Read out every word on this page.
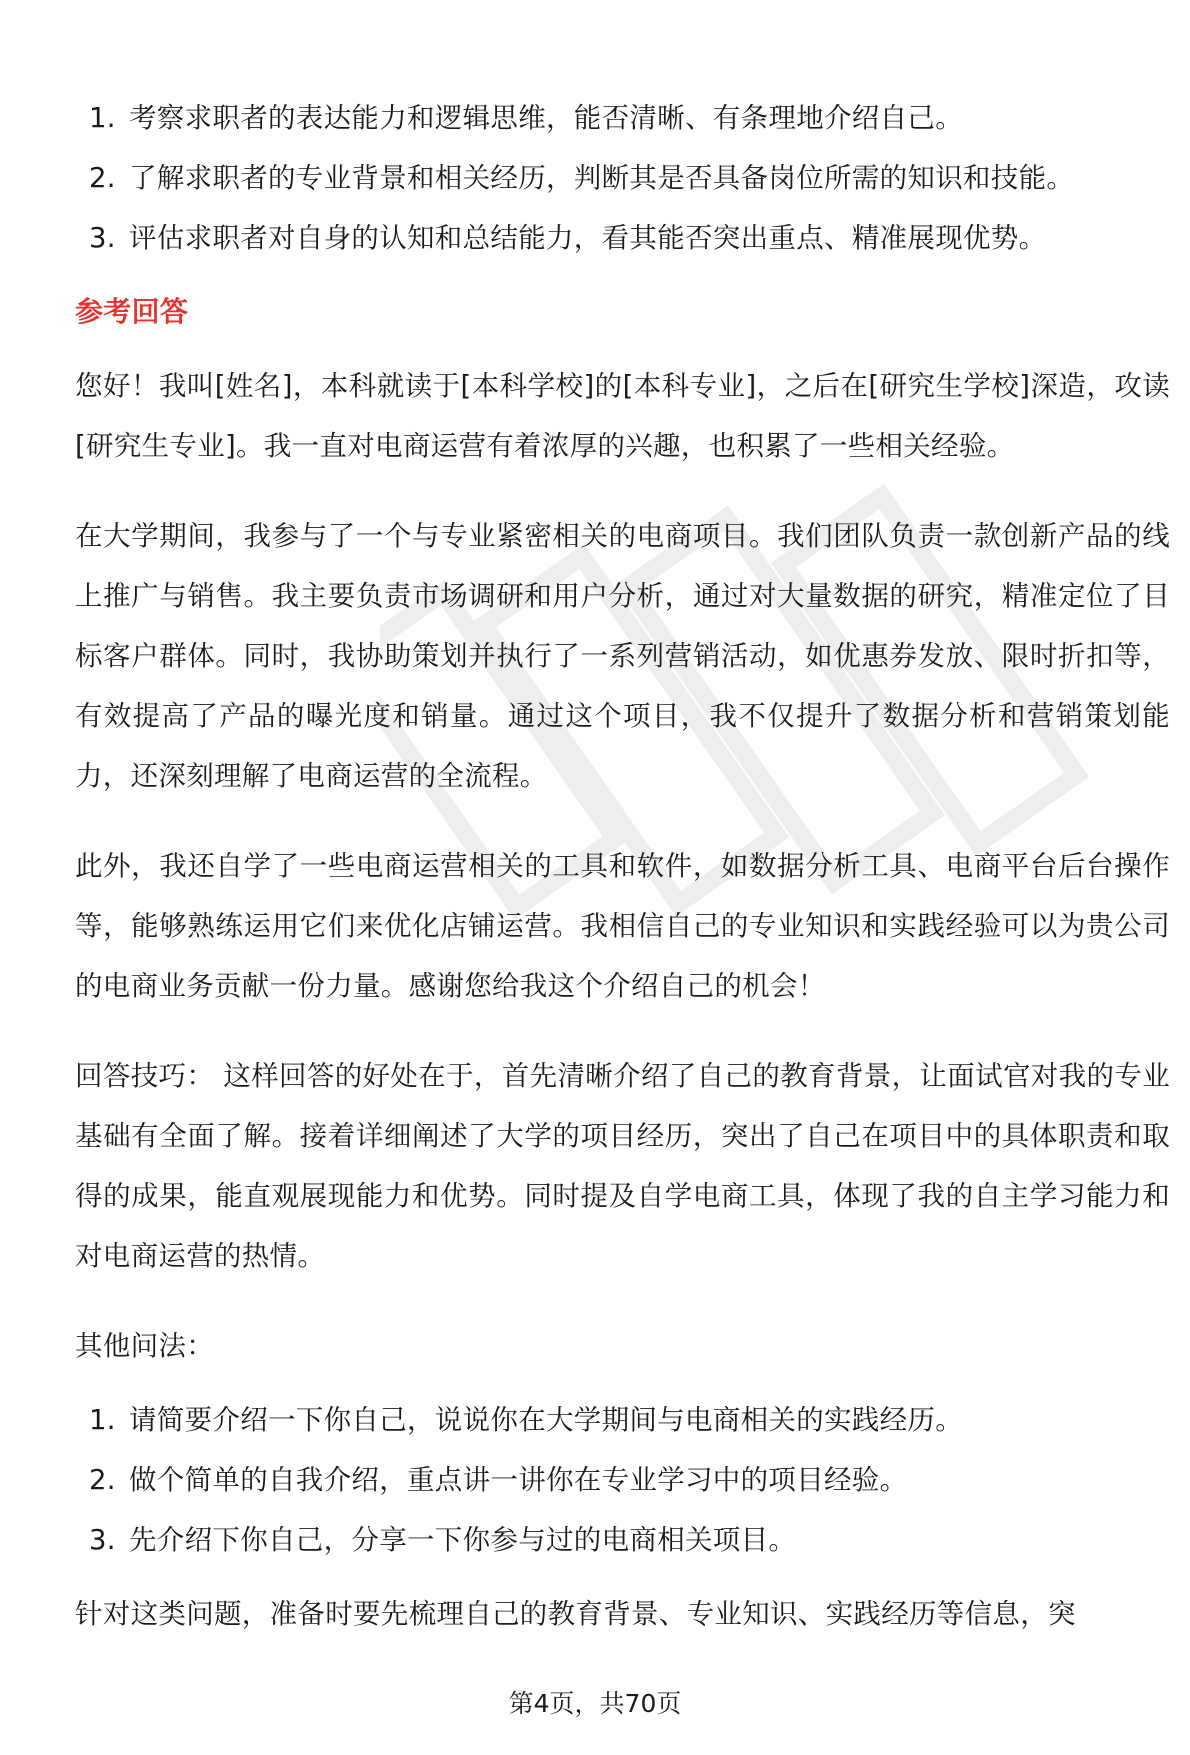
1. 考察求职者的表达能力和逻辑思维，能否清晰、有条理地介绍自己。
2. 了解求职者的专业背景和相关经历，判断其是否具备岗位所需的知识和技能。
3. 评估求职者对自身的认知和总结能力，看其能否突出重点、精准展现优势。
参考回答

您好！我叫[姓名]，本科就读于[本科学校]的[本科专业]，之后在[研究生学校]深造，攻读[研究生专业]。我一直对电商运营有着浓厚的兴趣，也积累了一些相关经验。

在大学期间，我参与了一个与专业紧密相关的电商项目。我们团队负责一款创新产品的线上推广与销售。我主要负责市场调研和用户分析，通过对大量数据的研究，精准定位了目标客户群体。同时，我协助策划并执行了一系列营销活动，如优惠券发放、限时折扣等，有效提高了产品的曝光度和销量。通过这个项目，我不仅提升了数据分析和营销策划能力，还深刻理解了电商运营的全流程。

此外，我还自学了一些电商运营相关的工具和软件，如数据分析工具、电商平台后台操作等，能够熟练运用它们来优化店铺运营。我相信自己的专业知识和实践经验可以为贵公司的电商业务贡献一份力量。感谢您给我这个介绍自己的机会！

回答技巧： 这样回答的好处在于，首先清晰介绍了自己的教育背景，让面试官对我的专业基础有全面了解。接着详细阐述了大学的项目经历，突出了自己在项目中的具体职责和取得的成果，能直观展现能力和优势。同时提及自学电商工具，体现了我的自主学习能力和对电商运营的热情。

其他问法：

1. 请简要介绍一下你自己，说说你在大学期间与电商相关的实践经历。
2. 做个简单的自我介绍，重点讲一讲你在专业学习中的项目经验。
3. 先介绍下你自己，分享一下你参与过的电商相关项目。

针对这类问题，准备时要先梳理自己的教育背景、专业知识、实践经历等信息，突

第4页，共70页
